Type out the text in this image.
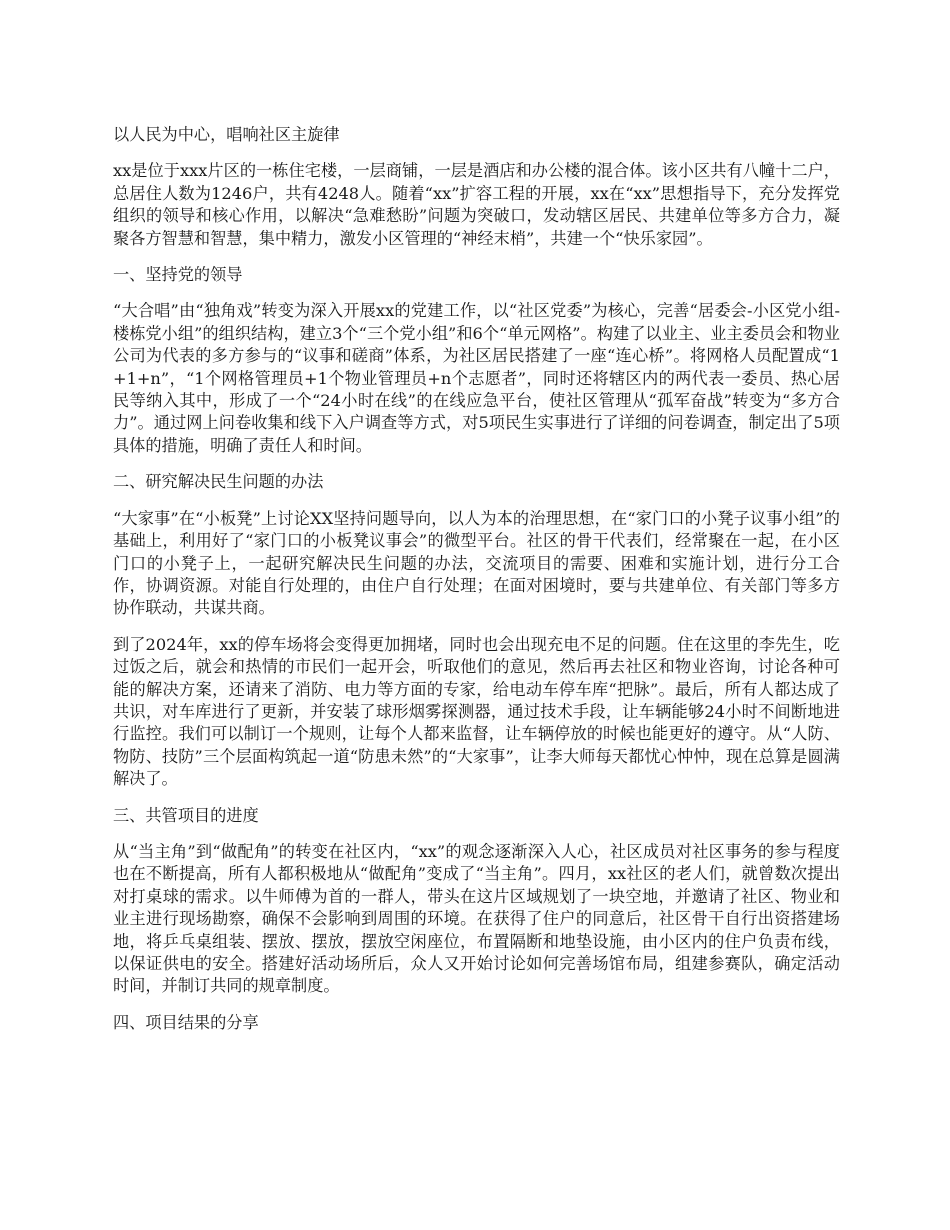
以人民为中心，唱响社区主旋律
xx是位于xxx片区的一栋住宅楼，一层商铺，一层是酒店和办公楼的混合体。该小区共有八幢十二户，总居住人数为1246户，共有4248人。随着“xx”扩容工程的开展，xx在“xx”思想指导下，充分发挥党组织的领导和核心作用，以解决“急难愁盼”问题为突破口，发动辖区居民、共建单位等多方合力，凝聚各方智慧和智慧，集中精力，激发小区管理的“神经末梢”，共建一个“快乐家园”。
一、坚持党的领导
“大合唱”由“独角戏”转变为深入开展xx的党建工作，以“社区党委”为核心，完善“居委会-小区党小组-楼栋党小组”的组织结构，建立3个“三个党小组”和6个“单元网格”。构建了以业主、业主委员会和物业公司为代表的多方参与的“议事和磋商”体系，为社区居民搭建了一座“连心桥”。将网格人员配置成“1+1+n”，“1个网格管理员+1个物业管理员+n个志愿者”，同时还将辖区内的两代表一委员、热心居民等纳入其中，形成了一个“24小时在线”的在线应急平台，使社区管理从“孤军奋战”转变为“多方合力”。通过网上问卷收集和线下入户调查等方式，对5项民生实事进行了详细的问卷调查，制定出了5项具体的措施，明确了责任人和时间。
二、研究解决民生问题的办法
“大家事”在“小板凳”上讨论XX坚持问题导向，以人为本的治理思想，在“家门口的小凳子议事小组”的基础上，利用好了“家门口的小板凳议事会”的微型平台。社区的骨干代表们，经常聚在一起，在小区门口的小凳子上，一起研究解决民生问题的办法，交流项目的需要、困难和实施计划，进行分工合作，协调资源。对能自行处理的，由住户自行处理；在面对困境时，要与共建单位、有关部门等多方协作联动，共谋共商。
到了2024年，xx的停车场将会变得更加拥堵，同时也会出现充电不足的问题。住在这里的李先生，吃过饭之后，就会和热情的市民们一起开会，听取他们的意见，然后再去社区和物业咨询，讨论各种可能的解决方案，还请来了消防、电力等方面的专家，给电动车停车库“把脉”。最后，所有人都达成了共识，对车库进行了更新，并安装了球形烟雾探测器，通过技术手段，让车辆能够24小时不间断地进行监控。我们可以制订一个规则，让每个人都来监督，让车辆停放的时候也能更好的遵守。从“人防、物防、技防”三个层面构筑起一道“防患未然”的“大家事”，让李大师每天都忧心忡忡，现在总算是圆满解决了。
三、共管项目的进度
从“当主角”到“做配角”的转变在社区内，“xx”的观念逐渐深入人心，社区成员对社区事务的参与程度也在不断提高，所有人都积极地从“做配角”变成了“当主角”。四月，xx社区的老人们，就曾数次提出对打桌球的需求。以牛师傅为首的一群人，带头在这片区域规划了一块空地，并邀请了社区、物业和业主进行现场勘察，确保不会影响到周围的环境。在获得了住户的同意后，社区骨干自行出资搭建场地，将乒乓桌组装、摆放、摆放，摆放空闲座位，布置隔断和地垫设施，由小区内的住户负责布线，以保证供电的安全。搭建好活动场所后，众人又开始讨论如何完善场馆布局，组建参赛队，确定活动时间，并制订共同的规章制度。
四、项目结果的分享
